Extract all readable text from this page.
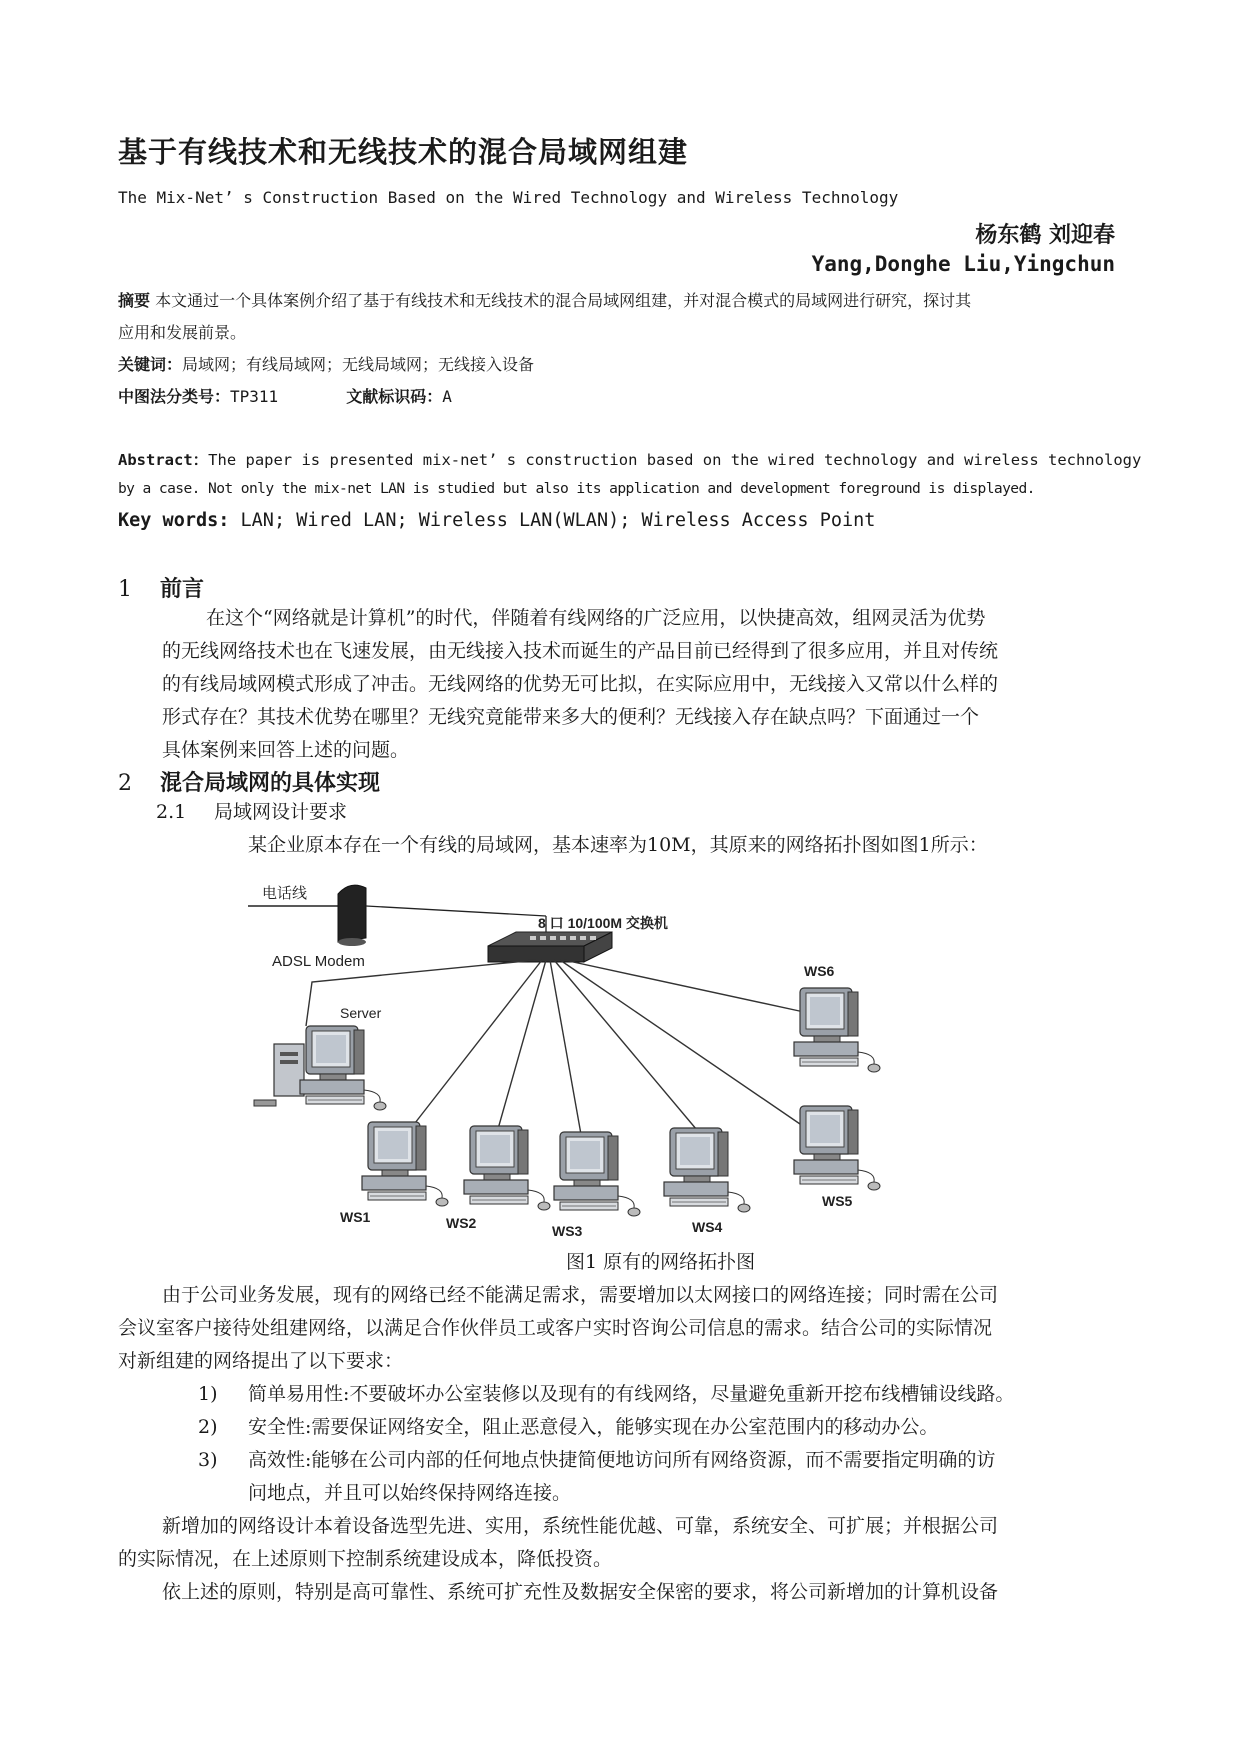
基于有线技术和无线技术的混合局域网组建
The Mix-Net’ s Construction Based on the Wired Technology and Wireless Technology
杨东鹤 刘迎春
Yang,Donghe Liu,Yingchun
摘要 本文通过一个具体案例介绍了基于有线技术和无线技术的混合局域网组建，并对混合模式的局域网进行研究，探讨其
应用和发展前景。
关键词：局域网；有线局域网；无线局域网；无线接入设备
中图法分类号：TP311	文献标识码：A
Abstract：The paper is presented mix-net’ s construction based on the wired technology and wireless technology
by a case. Not only the mix-net LAN is studied but also its application and development foreground is displayed.
Key words: LAN; Wired LAN; Wireless LAN(WLAN); Wireless Access Point
1 前言
在这个“网络就是计算机”的时代，伴随着有线网络的广泛应用，以快捷高效，组网灵活为优势
的无线网络技术也在飞速发展，由无线接入技术而诞生的产品目前已经得到了很多应用，并且对传统
的有线局域网模式形成了冲击。无线网络的优势无可比拟，在实际应用中，无线接入又常以什么样的
形式存在？其技术优势在哪里？无线究竟能带来多大的便利？无线接入存在缺点吗？下面通过一个
具体案例来回答上述的问题。
2 混合局域网的具体实现
2.1 局域网设计要求
某企业原本存在一个有线的局域网，基本速率为10M，其原来的网络拓扑图如图1所示：
电话线
ADSL Modem
8 口 10/100M 交换机
Server
WS1	WS2	WS3	WS4
WS5
WS6
图1 原有的网络拓扑图
由于公司业务发展，现有的网络已经不能满足需求，需要增加以太网接口的网络连接；同时需在公司
会议室客户接待处组建网络，以满足合作伙伴员工或客户实时咨询公司信息的需求。结合公司的实际情况
对新组建的网络提出了以下要求：
1) 简单易用性:不要破坏办公室装修以及现有的有线网络，尽量避免重新开挖布线槽铺设线路。
2) 安全性:需要保证网络安全，阻止恶意侵入，能够实现在办公室范围内的移动办公。
3) 高效性:能够在公司内部的任何地点快捷简便地访问所有网络资源，而不需要指定明确的访
问地点，并且可以始终保持网络连接。
新增加的网络设计本着设备选型先进、实用，系统性能优越、可靠，系统安全、可扩展；并根据公司
的实际情况，在上述原则下控制系统建设成本，降低投资。
依上述的原则，特别是高可靠性、系统可扩充性及数据安全保密的要求，将公司新增加的计算机设备
